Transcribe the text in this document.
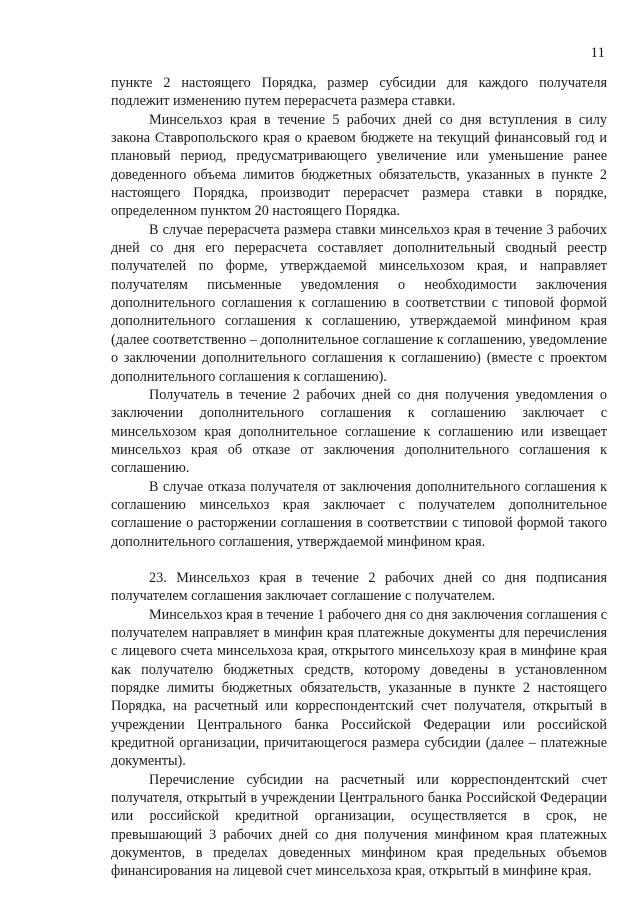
11

пункте 2 настоящего Порядка, размер субсидии для каждого получателя подлежит изменению путем перерасчета размера ставки.

Минсельхоз края в течение 5 рабочих дней со дня вступления в силу закона Ставропольского края о краевом бюджете на текущий финансовый год и плановый период, предусматривающего увеличение или уменьшение ранее доведенного объема лимитов бюджетных обязательств, указанных в пункте 2 настоящего Порядка, производит перерасчет размера ставки в порядке, определенном пунктом 20 настоящего Порядка.

В случае перерасчета размера ставки минсельхоз края в течение 3 рабочих дней со дня его перерасчета составляет дополнительный сводный реестр получателей по форме, утверждаемой минсельхозом края, и направляет получателям письменные уведомления о необходимости заключения дополнительного соглашения к соглашению в соответствии с типовой формой дополнительного соглашения к соглашению, утверждаемой минфином края (далее соответственно – дополнительное соглашение к соглашению, уведомление о заключении дополнительного соглашения к соглашению) (вместе с проектом дополнительного соглашения к соглашению).

Получатель в течение 2 рабочих дней со дня получения уведомления о заключении дополнительного соглашения к соглашению заключает с минсельхозом края дополнительное соглашение к соглашению или извещает минсельхоз края об отказе от заключения дополнительного соглашения к соглашению.

В случае отказа получателя от заключения дополнительного соглашения к соглашению минсельхоз края заключает с получателем дополнительное соглашение о расторжении соглашения в соответствии с типовой формой такого дополнительного соглашения, утверждаемой минфином края.

23. Минсельхоз края в течение 2 рабочих дней со дня подписания получателем соглашения заключает соглашение с получателем.

Минсельхоз края в течение 1 рабочего дня со дня заключения соглашения с получателем направляет в минфин края платежные документы для перечисления с лицевого счета минсельхоза края, открытого минсельхозу края в минфине края как получателю бюджетных средств, которому доведены в установленном порядке лимиты бюджетных обязательств, указанные в пункте 2 настоящего Порядка, на расчетный или корреспондентский счет получателя, открытый в учреждении Центрального банка Российской Федерации или российской кредитной организации, причитающегося размера субсидии (далее – платежные документы).

Перечисление субсидии на расчетный или корреспондентский счет получателя, открытый в учреждении Центрального банка Российской Федерации или российской кредитной организации, осуществляется в срок, не превышающий 3 рабочих дней со дня получения минфином края платежных документов, в пределах доведенных минфином края предельных объемов финансирования на лицевой счет минсельхоза края, открытый в минфине края.
